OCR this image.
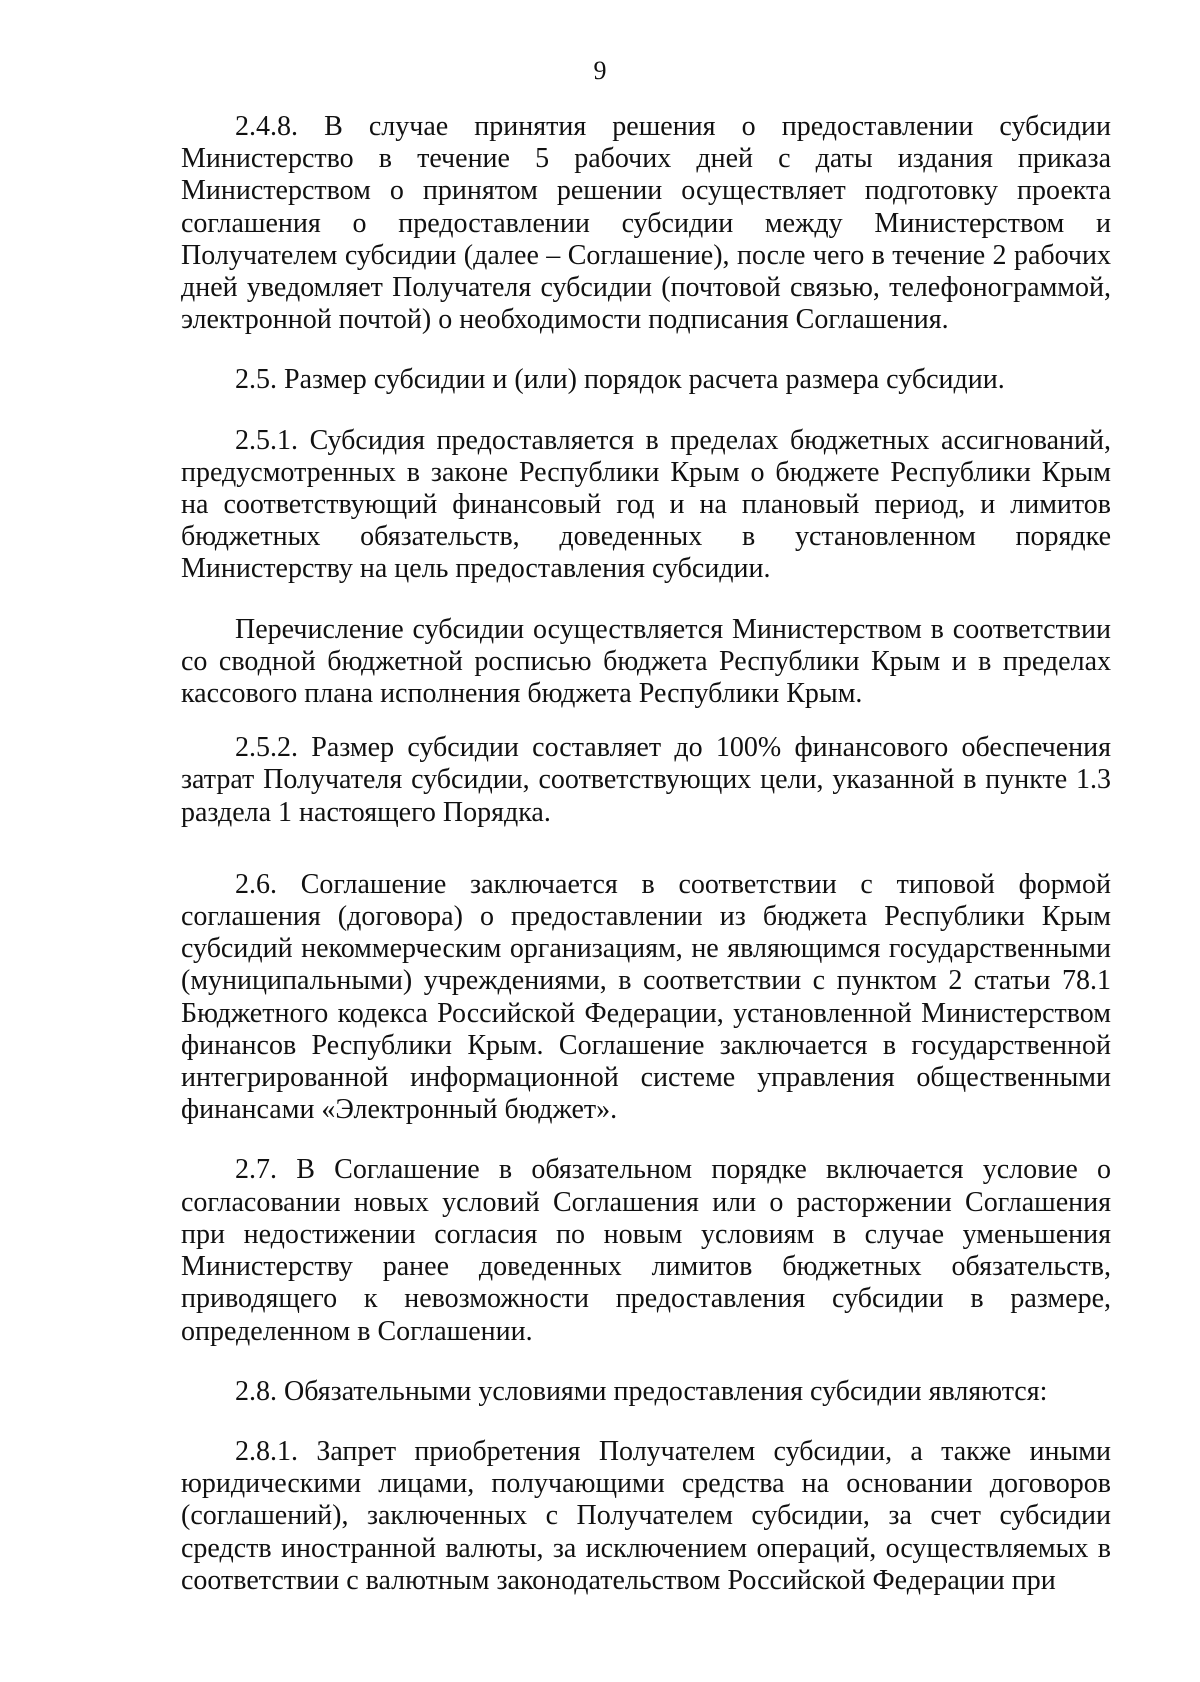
9

2.4.8. В случае принятия решения о предоставлении субсидии Министерство в течение 5 рабочих дней с даты издания приказа Министерством о принятом решении осуществляет подготовку проекта соглашения о предоставлении субсидии между Министерством и Получателем субсидии (далее – Соглашение), после чего в течение 2 рабочих дней уведомляет Получателя субсидии (почтовой связью, телефонограммой, электронной почтой) о необходимости подписания Соглашения.

2.5. Размер субсидии и (или) порядок расчета размера субсидии.

2.5.1. Субсидия предоставляется в пределах бюджетных ассигнований, предусмотренных в законе Республики Крым о бюджете Республики Крым на соответствующий финансовый год и на плановый период, и лимитов бюджетных обязательств, доведенных в установленном порядке Министерству на цель предоставления субсидии.

Перечисление субсидии осуществляется Министерством в соответствии со сводной бюджетной росписью бюджета Республики Крым и в пределах кассового плана исполнения бюджета Республики Крым.

2.5.2. Размер субсидии составляет до 100% финансового обеспечения затрат Получателя субсидии, соответствующих цели, указанной в пункте 1.3 раздела 1 настоящего Порядка.

2.6. Соглашение заключается в соответствии с типовой формой соглашения (договора) о предоставлении из бюджета Республики Крым субсидий некоммерческим организациям, не являющимся государственными (муниципальными) учреждениями, в соответствии с пунктом 2 статьи 78.1 Бюджетного кодекса Российской Федерации, установленной Министерством финансов Республики Крым. Соглашение заключается в государственной интегрированной информационной системе управления общественными финансами «Электронный бюджет».

2.7. В Соглашение в обязательном порядке включается условие о согласовании новых условий Соглашения или о расторжении Соглашения при недостижении согласия по новым условиям в случае уменьшения Министерству ранее доведенных лимитов бюджетных обязательств, приводящего к невозможности предоставления субсидии в размере, определенном в Соглашении.

2.8. Обязательными условиями предоставления субсидии являются:

2.8.1. Запрет приобретения Получателем субсидии, а также иными юридическими лицами, получающими средства на основании договоров (соглашений), заключенных с Получателем субсидии, за счет субсидии средств иностранной валюты, за исключением операций, осуществляемых в соответствии с валютным законодательством Российской Федерации при
